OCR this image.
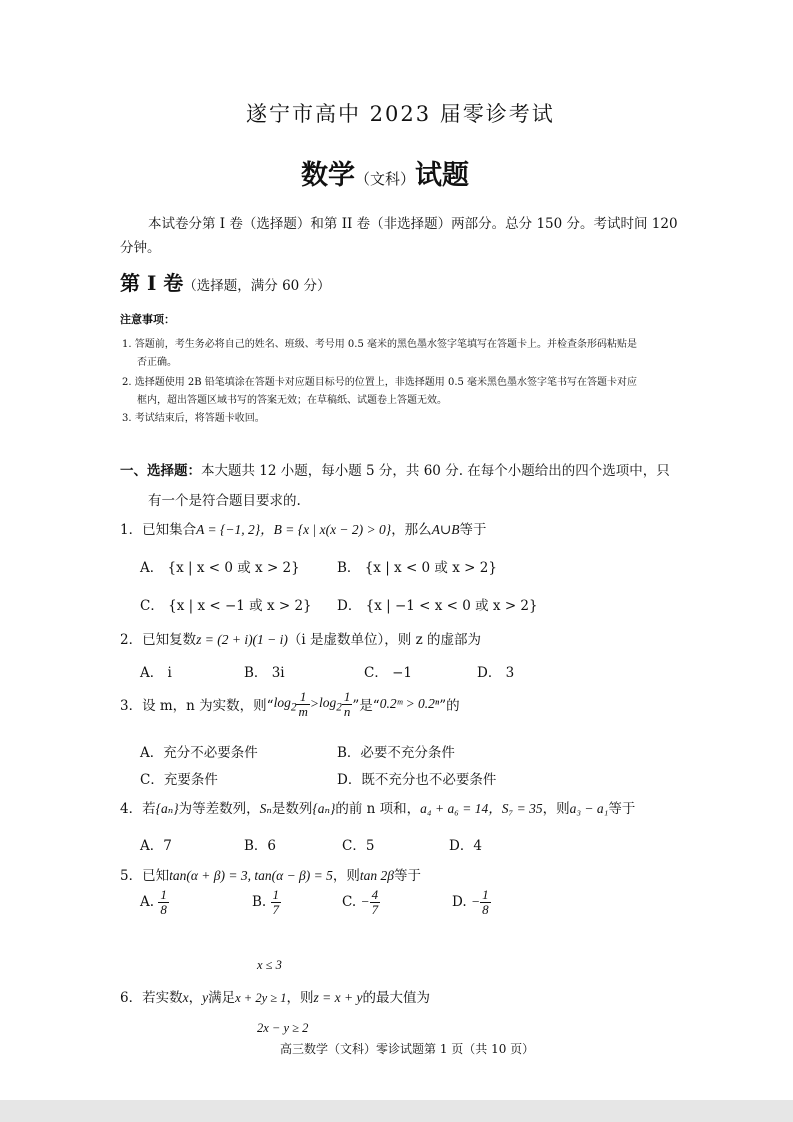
遂宁市高中 2023 届零诊考试
数学（文科）试题
本试卷分第 I 卷（选择题）和第 II 卷（非选择题）两部分。总分 150 分。考试时间 120
分钟。
第 I 卷（选择题，满分 60 分）
注意事项：
1. 答题前，考生务必将自己的姓名、班级、考号用 0.5 毫米的黑色墨水签字笔填写在答题卡上。并检查条形码粘贴是
否正确。
2. 选择题使用 2B 铅笔填涂在答题卡对应题目标号的位置上，非选择题用 0.5 毫米黑色墨水签字笔书写在答题卡对应
框内，超出答题区域书写的答案无效；在草稿纸、试题卷上答题无效。
3. 考试结束后，将答题卡收回。
一、选择题：本大题共 12 小题，每小题 5 分，共 60 分. 在每个小题给出的四个选项中，只
有一个是符合题目要求的.
1．已知集合A = {−1, 2}，B = {x | x(x − 2) > 0}，那么A∪B等于
A． {x | x < 0 或 x > 2}	B． {x | x < 0 或 x > 2}
C． {x | x < −1 或 x > 2} D． {x | −1 < x < 0 或 x > 2}
2．已知复数z = (2 + i)(1 − i)（i 是虚数单位），则 z 的虚部为
A． i	B． 3i	C． −1	D． 3
3．设 m，n 为实数，则“$\log_2 \frac{1}{m} >\log_2 \frac{1}{n}$ ”是“0.2ᵐ > 0.2ⁿ”的
A．充分不必要条件	B．必要不充分条件
C．充要条件	D．既不充分也不必要条件
4．若{aₙ}为等差数列，Sₙ是数列{aₙ}的前 n 项和，a₄ + a₆ = 14，S₇ = 35，则a₃ − a₁等于
A．7	B．6	C．5	D．4
5．已知tan(α + β) = 3, tan(α − β) = 5，则tan 2β等于
A. $\frac{1}{8}$	B. $\frac{1}{7}$	C. − $\frac{4}{7}$	D. − $\frac{1}{8}$
x ≤ 3
6．若实数x，y满足x + 2y ≥ 1，则z = x + y的最大值为
2x − y ≥ 2
高三数学（文科）零诊试题第 1 页（共 10 页）
